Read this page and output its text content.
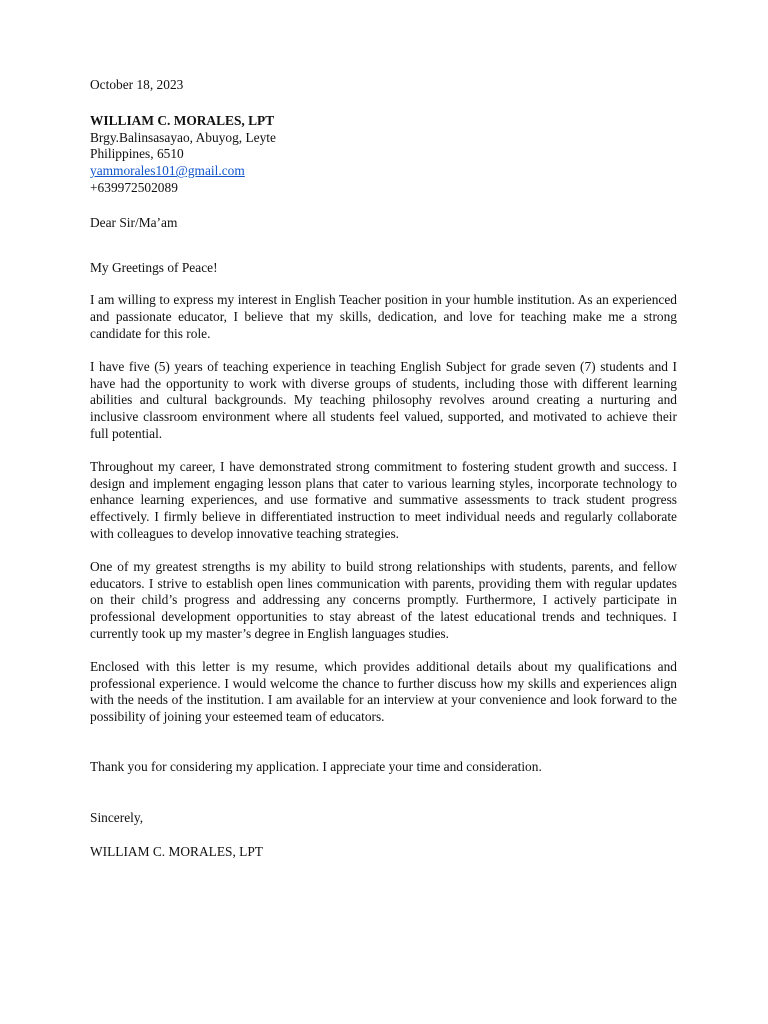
October 18, 2023

WILLIAM C. MORALES, LPT

Brgy.Balinsasayao, Abuyog, Leyte

Philippines, 6510

yammorales101@gmail.com

+639972502089

Dear Sir/Ma’am

My Greetings of Peace!

I am willing to express my interest in English Teacher position in your humble institution. As an experienced and passionate educator, I believe that my skills, dedication, and love for teaching make me a strong candidate for this role.

I have five (5) years of teaching experience in teaching English Subject for grade seven (7) students and I have had the opportunity to work with diverse groups of students, including those with different learning abilities and cultural backgrounds. My teaching philosophy revolves around creating a nurturing and inclusive classroom environment where all students feel valued, supported, and motivated to achieve their full potential.

Throughout my career, I have demonstrated strong commitment to fostering student growth and success. I design and implement engaging lesson plans that cater to various learning styles, incorporate technology to enhance learning experiences, and use formative and summative assessments to track student progress effectively. I firmly believe in differentiated instruction to meet individual needs and regularly collaborate with colleagues to develop innovative teaching strategies.

One of my greatest strengths is my ability to build strong relationships with students, parents, and fellow educators. I strive to establish open lines communication with parents, providing them with regular updates on their child’s progress and addressing any concerns promptly. Furthermore, I actively participate in professional development opportunities to stay abreast of the latest educational trends and techniques. I currently took up my master’s degree in English languages studies.

Enclosed with this letter is my resume, which provides additional details about my qualifications and professional experience. I would welcome the chance to further discuss how my skills and experiences align with the needs of the institution. I am available for an interview at your convenience and look forward to the possibility of joining your esteemed team of educators.

Thank you for considering my application. I appreciate your time and consideration.

Sincerely,

WILLIAM C. MORALES, LPT
